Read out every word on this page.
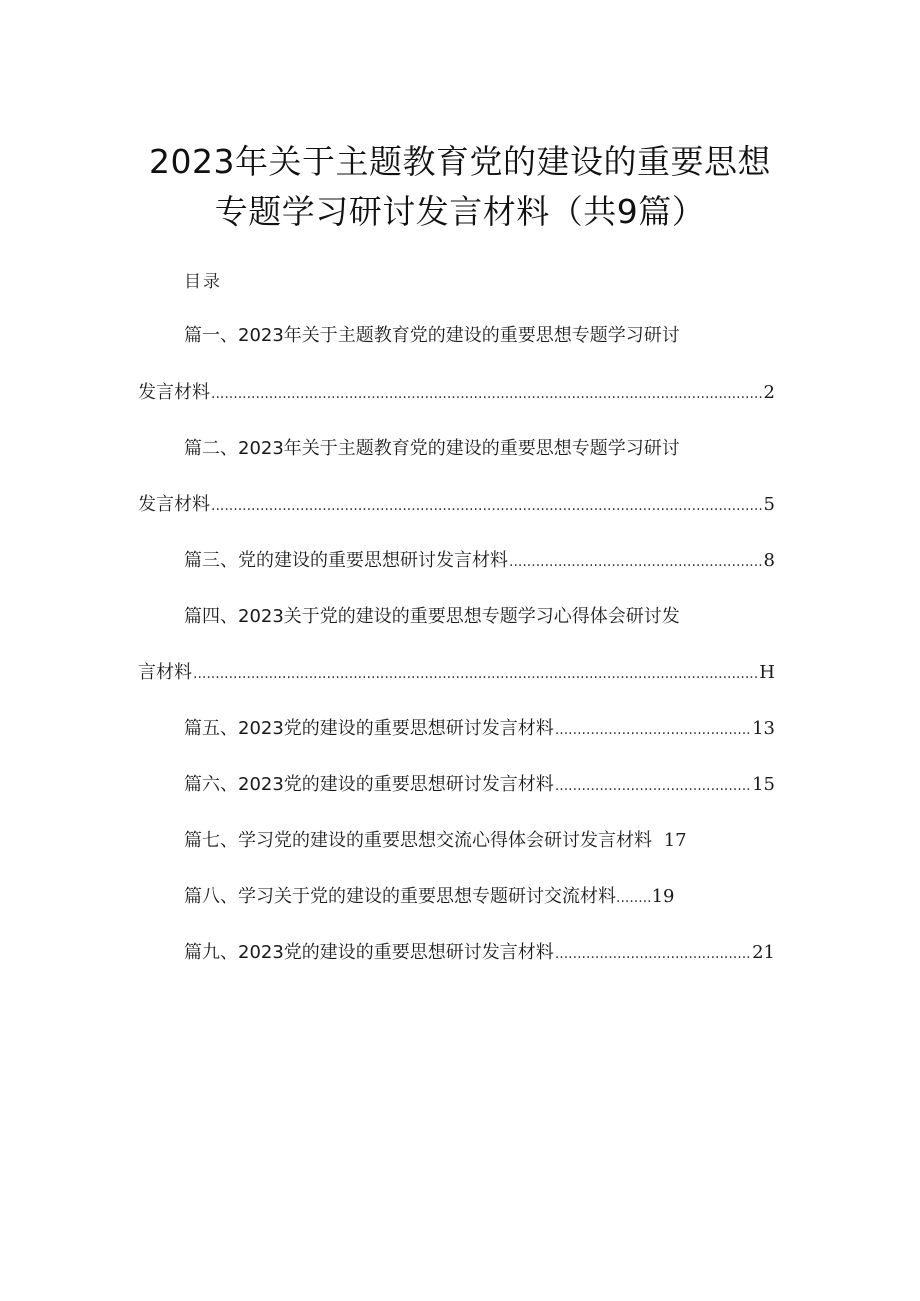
2023年关于主题教育党的建设的重要思想
专题学习研讨发言材料（共9篇）
目录
篇一、2023年关于主题教育党的建设的重要思想专题学习研讨
发言材料 .....	2
篇二、2023年关于主题教育党的建设的重要思想专题学习研讨
发言材料 .....	5
篇三、党的建设的重要思想研讨发言材料 .....	8
篇四、2023关于党的建设的重要思想专题学习心得体会研讨发
言材料 .....	H
篇五、2023党的建设的重要思想研讨发言材料 .....	13
篇六、2023党的建设的重要思想研讨发言材料 .....	15
篇七、学习党的建设的重要思想交流心得体会研讨发言材料 17
篇八、学习关于党的建设的重要思想专题研讨交流材料........19
篇九、2023党的建设的重要思想研讨发言材料 .....	21
